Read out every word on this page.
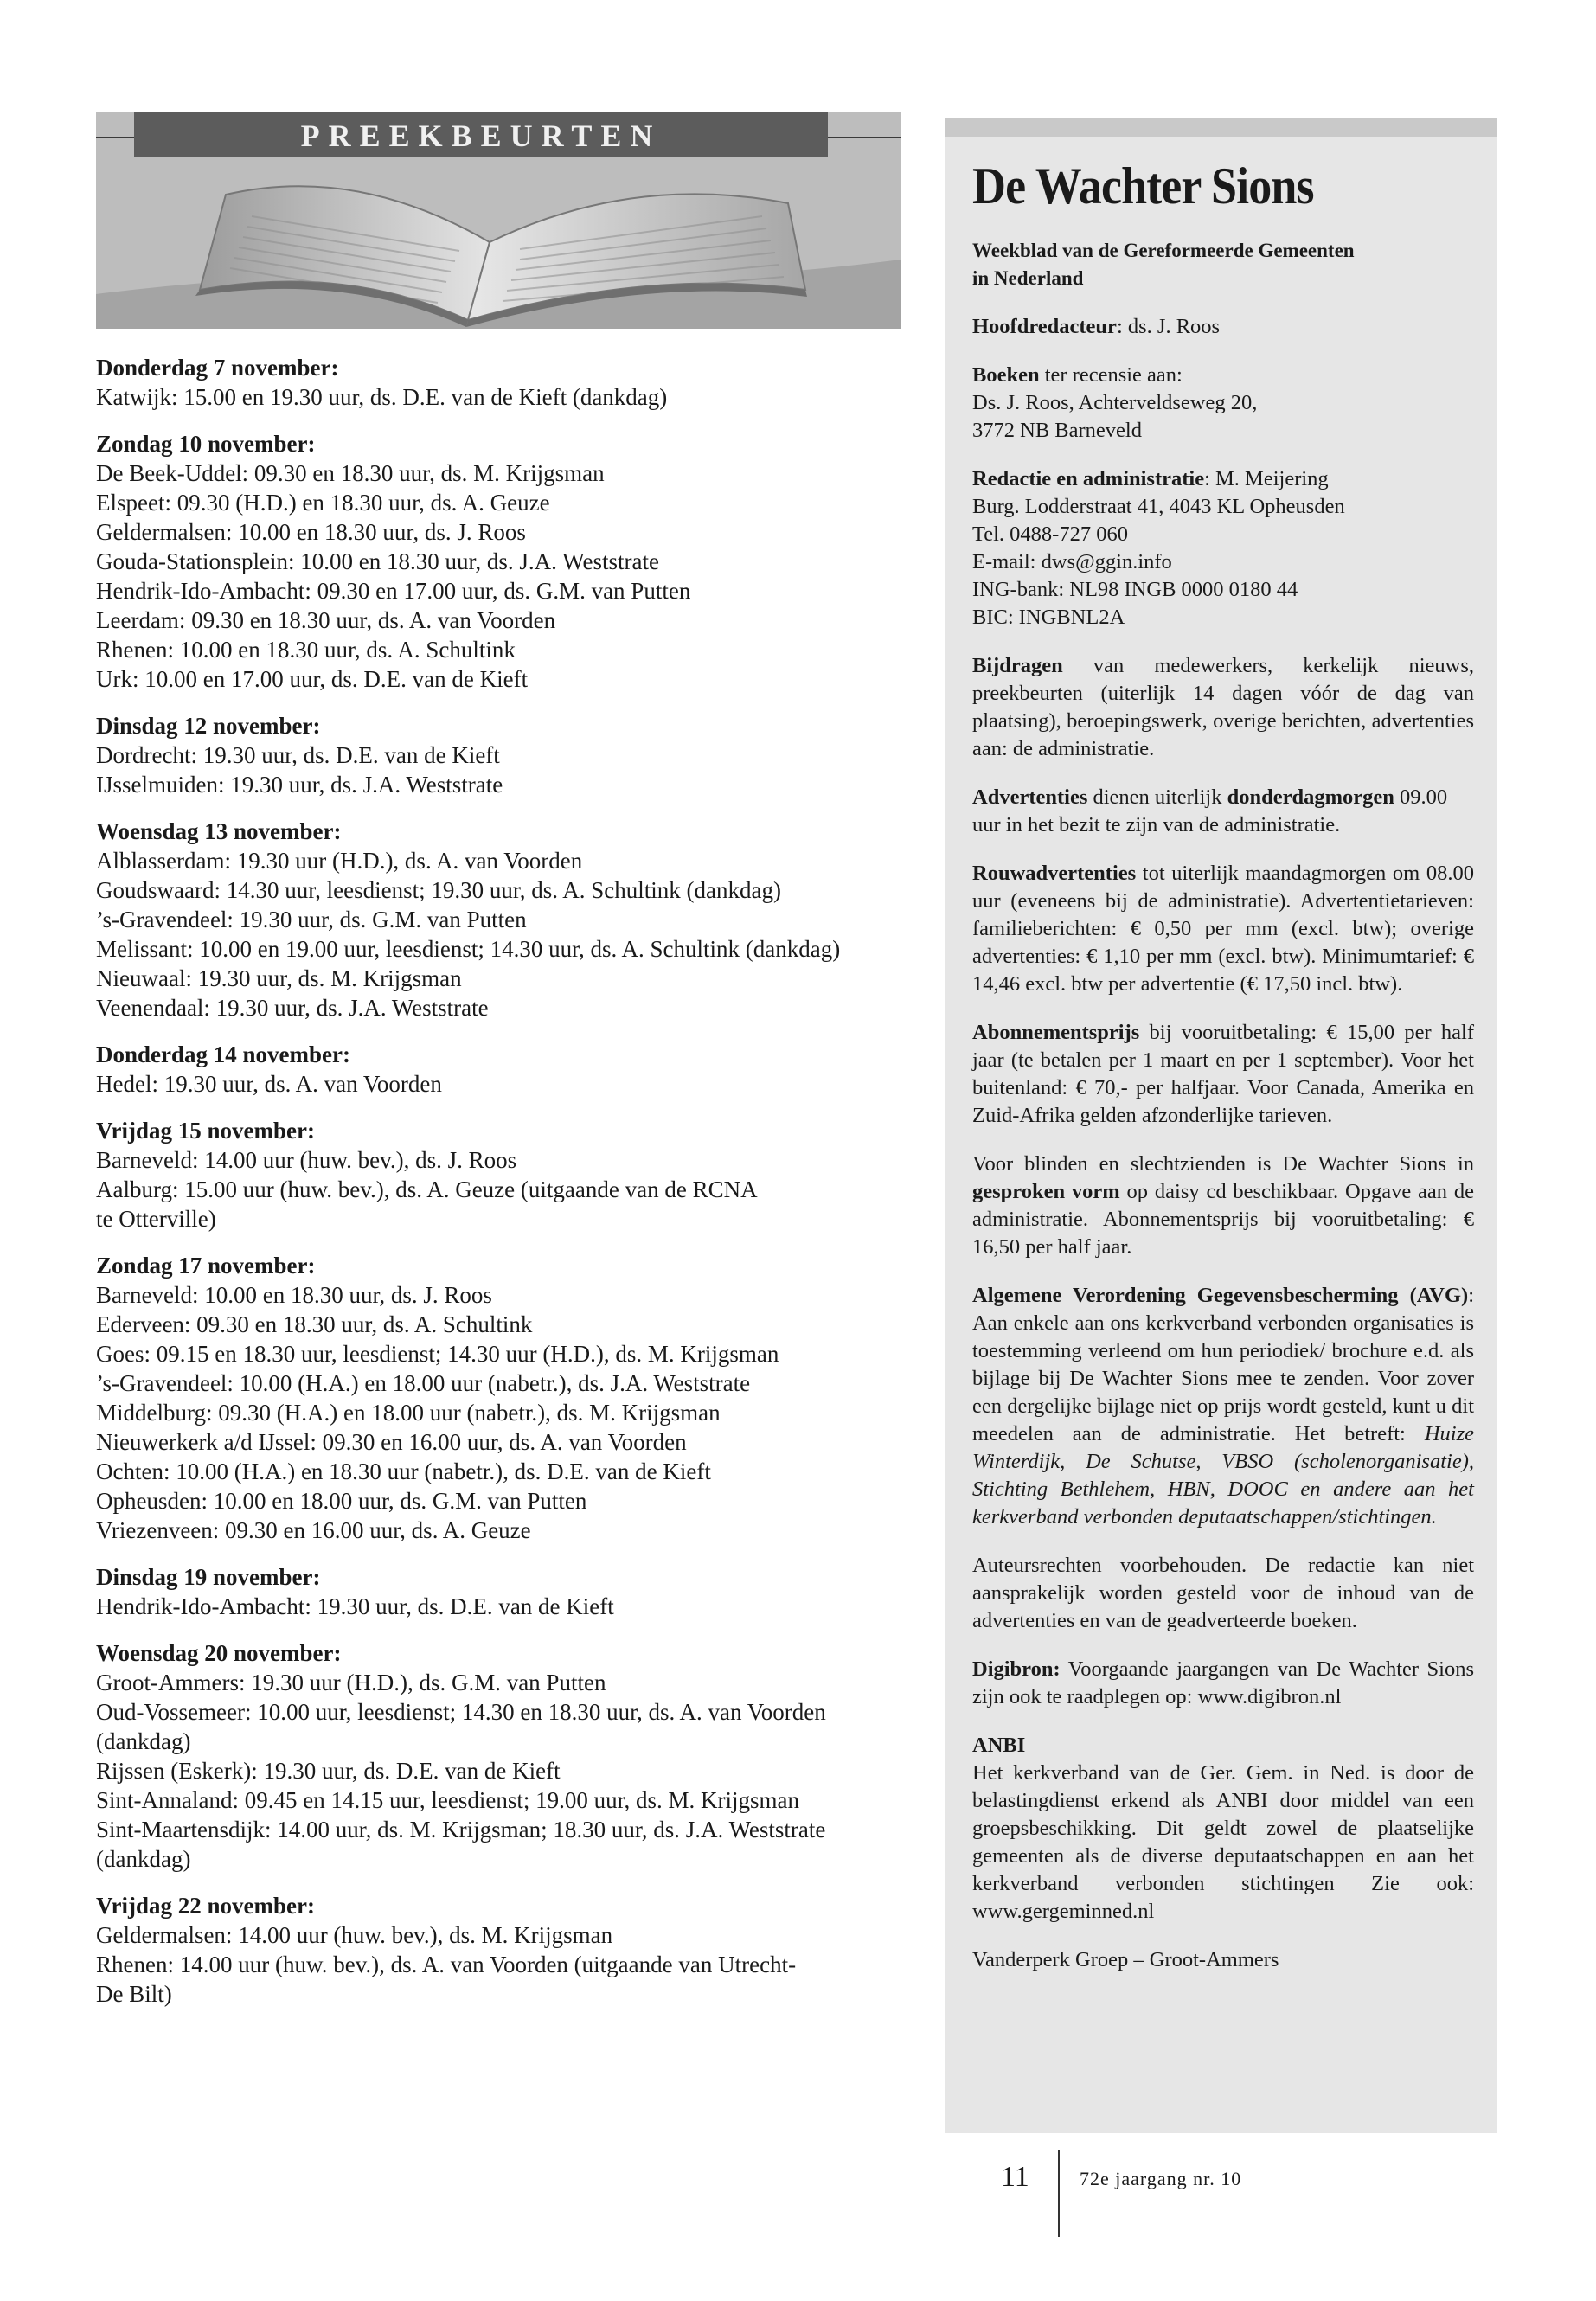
PREEKBEURTEN
Donderdag 7 november:
Katwijk: 15.00 en 19.30 uur, ds. D.E. van de Kieft (dankdag)
Zondag 10 november:
De Beek-Uddel: 09.30 en 18.30 uur, ds. M. Krijgsman
Elspeet: 09.30 (H.D.) en 18.30 uur, ds. A. Geuze
Geldermalsen: 10.00 en 18.30 uur, ds. J. Roos
Gouda-Stationsplein: 10.00 en 18.30 uur, ds. J.A. Weststrate
Hendrik-Ido-Ambacht: 09.30 en 17.00 uur, ds. G.M. van Putten
Leerdam: 09.30 en 18.30 uur, ds. A. van Voorden
Rhenen: 10.00 en 18.30 uur, ds. A. Schultink
Urk: 10.00 en 17.00 uur, ds. D.E. van de Kieft
Dinsdag 12 november:
Dordrecht: 19.30 uur, ds. D.E. van de Kieft
IJsselmuiden: 19.30 uur, ds. J.A. Weststrate
Woensdag 13 november:
Alblasserdam: 19.30 uur (H.D.), ds. A. van Voorden
Goudswaard: 14.30 uur, leesdienst; 19.30 uur, ds. A. Schultink (dankdag)
’s-Gravendeel: 19.30 uur, ds. G.M. van Putten
Melissant: 10.00 en 19.00 uur, leesdienst; 14.30 uur, ds. A. Schultink (dankdag)
Nieuwaal: 19.30 uur, ds. M. Krijgsman
Veenendaal: 19.30 uur, ds. J.A. Weststrate
Donderdag 14 november:
Hedel: 19.30 uur, ds. A. van Voorden
Vrijdag 15 november:
Barneveld: 14.00 uur (huw. bev.), ds. J. Roos
Aalburg: 15.00 uur (huw. bev.), ds. A. Geuze (uitgaande van de RCNA
te Otterville)
Zondag 17 november:
Barneveld: 10.00 en 18.30 uur, ds. J. Roos
Ederveen: 09.30 en 18.30 uur, ds. A. Schultink
Goes: 09.15 en 18.30 uur, leesdienst; 14.30 uur (H.D.), ds. M. Krijgsman
’s-Gravendeel: 10.00 (H.A.) en 18.00 uur (nabetr.), ds. J.A. Weststrate
Middelburg: 09.30 (H.A.) en 18.00 uur (nabetr.), ds. M. Krijgsman
Nieuwerkerk a/d IJssel: 09.30 en 16.00 uur, ds. A. van Voorden
Ochten: 10.00 (H.A.) en 18.30 uur (nabetr.), ds. D.E. van de Kieft
Opheusden: 10.00 en 18.00 uur, ds. G.M. van Putten
Vriezenveen: 09.30 en 16.00 uur, ds. A. Geuze
Dinsdag 19 november:
Hendrik-Ido-Ambacht: 19.30 uur, ds. D.E. van de Kieft
Woensdag 20 november:
Groot-Ammers: 19.30 uur (H.D.), ds. G.M. van Putten
Oud-Vossemeer: 10.00 uur, leesdienst; 14.30 en 18.30 uur, ds. A. van Voorden
(dankdag)
Rijssen (Eskerk): 19.30 uur, ds. D.E. van de Kieft
Sint-Annaland: 09.45 en 14.15 uur, leesdienst; 19.00 uur, ds. M. Krijgsman
Sint-Maartensdijk: 14.00 uur, ds. M. Krijgsman; 18.30 uur, ds. J.A. Weststrate
(dankdag)
Vrijdag 22 november:
Geldermalsen: 14.00 uur (huw. bev.), ds. M. Krijgsman
Rhenen: 14.00 uur (huw. bev.), ds. A. van Voorden (uitgaande van Utrecht-
De Bilt)
De Wachter Sions
Weekblad van de Gereformeerde Gemeenten
in Nederland
Hoofdredacteur: ds. J. Roos
Boeken ter recensie aan:
Ds. J. Roos, Achterveldseweg 20,
3772 NB Barneveld
Redactie en administratie: M. Meijering
Burg. Lodderstraat 41, 4043 KL Opheusden
Tel. 0488-727 060
E-mail: dws@ggin.info
ING-bank: NL98 INGB 0000 0180 44
BIC: INGBNL2A
Bijdragen van medewerkers, kerkelijk nieuws, preekbeurten (uiterlijk 14 dagen vóór de dag van plaatsing), beroepingswerk, overige berichten, advertenties aan: de administratie.
Advertenties dienen uiterlijk donderdagmorgen 09.00 uur in het bezit te zijn van de administratie.
Rouwadvertenties tot uiterlijk maandagmorgen om 08.00 uur (eveneens bij de administratie). Advertentietarieven: familieberichten: € 0,50 per mm (excl. btw); overige advertenties: € 1,10 per mm (excl. btw). Minimumtarief: € 14,46 excl. btw per advertentie (€ 17,50 incl. btw).
Abonnementsprijs bij vooruitbetaling: € 15,00 per half jaar (te betalen per 1 maart en per 1 september). Voor het buitenland: € 70,- per halfjaar. Voor Canada, Amerika en Zuid-Afrika gelden afzonderlijke tarieven.
Voor blinden en slechtzienden is De Wachter Sions in gesproken vorm op daisy cd beschikbaar. Opgave aan de administratie. Abonnementsprijs bij vooruitbetaling: € 16,50 per half jaar.
Algemene Verordening Gegevensbescherming (AVG): Aan enkele aan ons kerkverband verbonden organisaties is toestemming verleend om hun periodiek/ brochure e.d. als bijlage bij De Wachter Sions mee te zenden. Voor zover een dergelijke bijlage niet op prijs wordt gesteld, kunt u dit meedelen aan de administratie. Het betreft: Huize Winterdijk, De Schutse, VBSO (scholenorganisatie), Stichting Bethlehem, HBN, DOOC en andere aan het kerkverband verbonden deputaatschappen/stichtingen.
Auteursrechten voorbehouden. De redactie kan niet aansprakelijk worden gesteld voor de inhoud van de advertenties en van de geadverteerde boeken.
Digibron: Voorgaande jaargangen van De Wachter Sions zijn ook te raadplegen op: www.digibron.nl
ANBI
Het kerkverband van de Ger. Gem. in Ned. is door de belastingdienst erkend als ANBI door middel van een groepsbeschikking. Dit geldt zowel de plaatselijke gemeenten als de diverse deputaatschappen en aan het kerkverband verbonden stichtingen Zie ook: www.gergeminned.nl
Vanderperk Groep – Groot-Ammers
11	72e jaargang nr. 10
